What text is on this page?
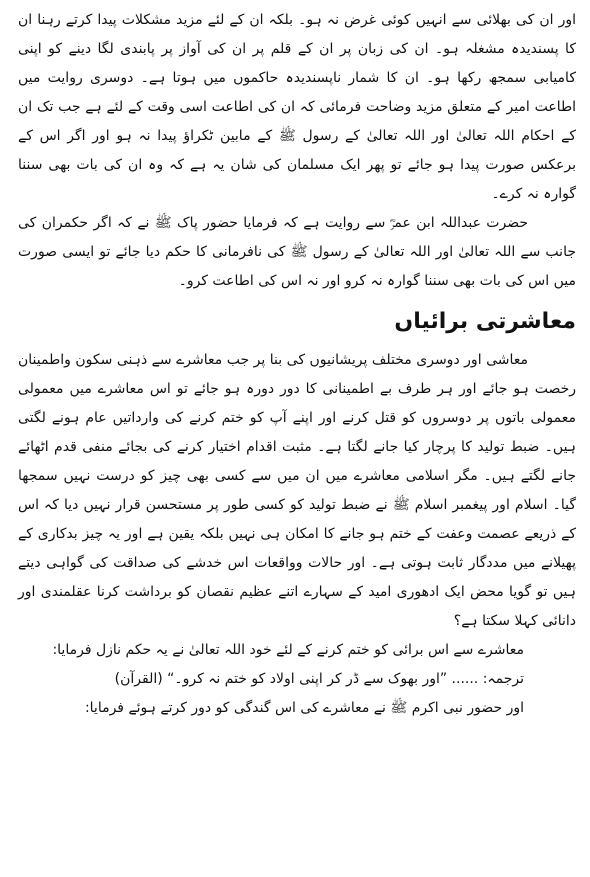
اور ان کی بھلائی سے انہیں کوئی غرض نہ ہو۔ بلکہ ان کے لئے مزید مشکلات پیدا کرتے رہنا ان کا پسندیدہ مشغلہ ہو۔ ان کی زبان پر ان کے قلم پر ان کی آواز پر پابندی لگا دینے کو اپنی کامیابی سمجھ رکھا ہو۔ ان کا شمار ناپسندیدہ حاکموں میں ہوتا ہے۔ دوسری روایت میں اطاعت امیر کے متعلق مزید وضاحت فرمائی کہ ان کی اطاعت اسی وقت کے لئے ہے جب تک ان کے احکام اللہ تعالیٰ اور اللہ تعالیٰ کے رسول ﷺ کے مابین ٹکراؤ پیدا نہ ہو اور اگر اس کے برعکس صورت پیدا ہو جائے تو پھر ایک مسلمان کی شان یہ ہے کہ وہ ان کی بات بھی سننا گوارہ نہ کرے۔

حضرت عبداللہ ابن عمرؓ سے روایت ہے کہ فرمایا حضور پاک ﷺ نے کہ اگر حکمران کی جانب سے اللہ تعالیٰ اور اللہ تعالیٰ کے رسول ﷺ کی نافرمانی کا حکم دیا جائے تو ایسی صورت میں اس کی بات بھی سننا گوارہ نہ کرو اور نہ اس کی اطاعت کرو۔

معاشرتی برائیاں

معاشی اور دوسری مختلف پریشانیوں کی بنا پر جب معاشرے سے ذہنی سکون واطمینان رخصت ہو جائے اور ہر طرف بے اطمینانی کا دور دورہ ہو جائے تو اس معاشرے میں معمولی معمولی باتوں پر دوسروں کو قتل کرنے اور اپنے آپ کو ختم کرنے کی وارداتیں عام ہونے لگتی ہیں۔ ضبط تولید کا پرچار کیا جانے لگتا ہے۔ مثبت اقدام اختیار کرنے کی بجائے منفی قدم اٹھائے جانے لگتے ہیں۔ مگر اسلامی معاشرے میں ان میں سے کسی بھی چیز کو درست نہیں سمجھا گیا۔ اسلام اور پیغمبر اسلام ﷺ نے ضبط تولید کو کسی طور پر مستحسن قرار نہیں دیا کہ اس کے ذریعے عصمت وعفت کے ختم ہو جانے کا امکان ہی نہیں بلکہ یقین ہے اور یہ چیز بدکاری کے پھیلانے میں مددگار ثابت ہوتی ہے۔ اور حالات وواقعات اس خدشے کی صداقت کی گواہی دیتے ہیں تو گویا محض ایک ادھوری امید کے سہارے اتنے عظیم نقصان کو برداشت کرنا عقلمندی اور دانائی کہلا سکتا ہے؟

معاشرے سے اس برائی کو ختم کرنے کے لئے خود اللہ تعالیٰ نے یہ حکم نازل فرمایا:

ترجمہ: ...... ”اور بھوک سے ڈر کر اپنی اولاد کو ختم نہ کرو۔“ (القرآن)

اور حضور نبی اکرم ﷺ نے معاشرے کی اس گندگی کو دور کرتے ہوئے فرمایا:
